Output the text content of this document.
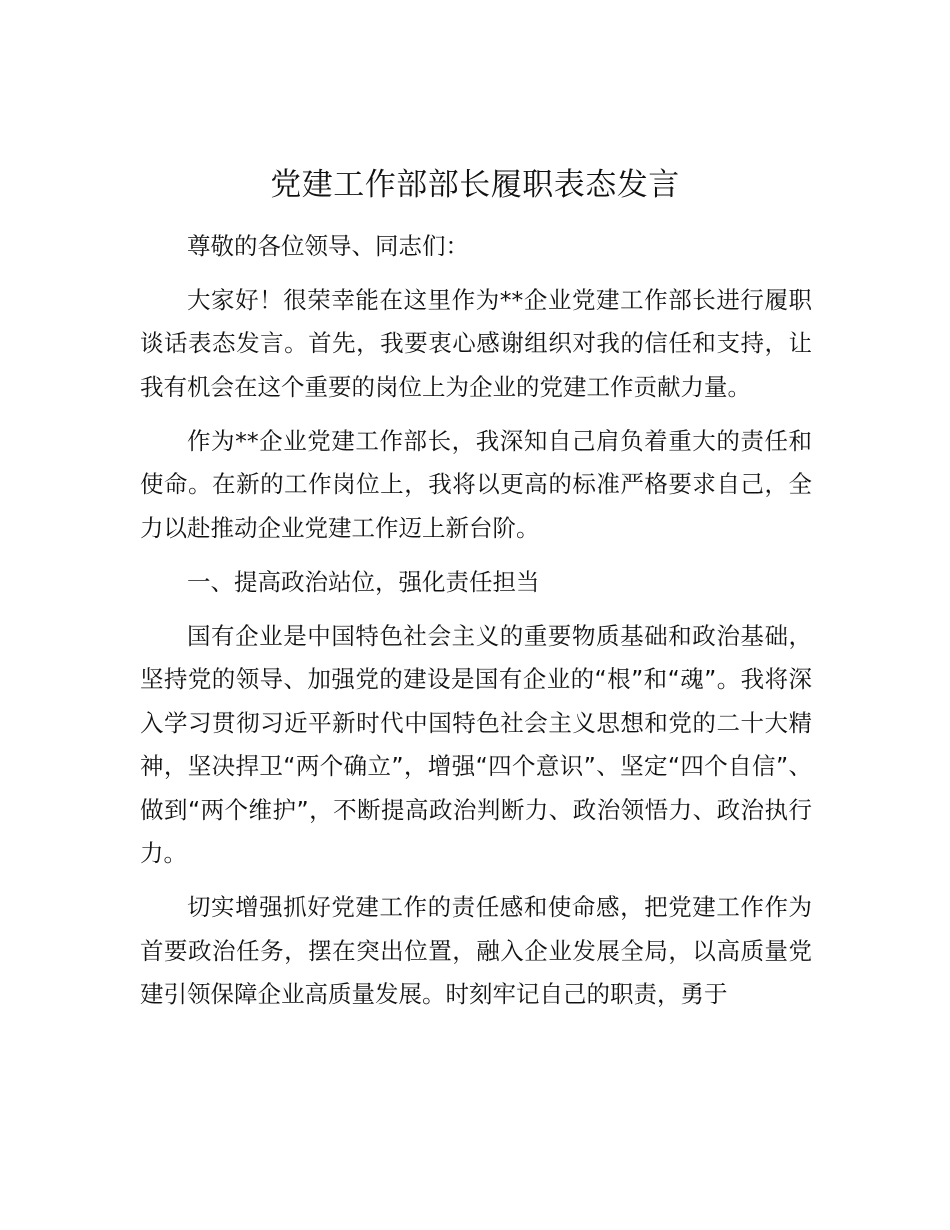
党建工作部部长履职表态发言

尊敬的各位领导、同志们：

大家好！很荣幸能在这里作为**企业党建工作部长进行履职谈话表态发言。首先，我要衷心感谢组织对我的信任和支持，让我有机会在这个重要的岗位上为企业的党建工作贡献力量。

作为**企业党建工作部长，我深知自己肩负着重大的责任和使命。在新的工作岗位上，我将以更高的标准严格要求自己，全力以赴推动企业党建工作迈上新台阶。

一、提高政治站位，强化责任担当

国有企业是中国特色社会主义的重要物质基础和政治基础，坚持党的领导、加强党的建设是国有企业的“根”和“魂”。我将深入学习贯彻习近平新时代中国特色社会主义思想和党的二十大精神，坚决捍卫“两个确立”，增强“四个意识”、坚定“四个自信”、做到“两个维护”，不断提高政治判断力、政治领悟力、政治执行力。

切实增强抓好党建工作的责任感和使命感，把党建工作作为首要政治任务，摆在突出位置，融入企业发展全局，以高质量党建引领保障企业高质量发展。时刻牢记自己的职责，勇于
